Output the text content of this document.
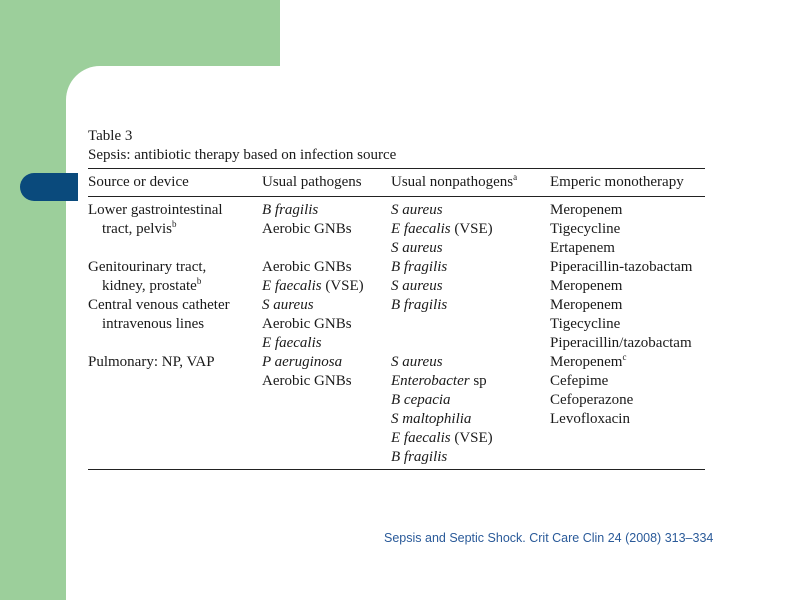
Table 3
Sepsis: antibiotic therapy based on infection source
Source or device	Usual pathogens Usual nonpathogens$^a$ Emperic monotherapy
Lower gastrointestinal
tract, pelvis$^b$
Genitourinary tract,
kidney, prostate$^b$
Central venous catheter
intravenous lines
Pulmonary: NP, VAP
B fragilis
Aerobic GNBs
Aerobic GNBs
E faecalis (VSE)
S aureus
Aerobic GNBs
E faecalis
P aeruginosa
Aerobic GNBs
S aureus
E faecalis (VSE)
S aureus
B fragilis
S aureus
B fragilis
S aureus
Enterobacter sp
B cepacia
S maltophilia
E faecalis (VSE)
B fragilis
Meropenem
Tigecycline
Ertapenem
Piperacillin-tazobactam
Meropenem
Meropenem
Tigecycline
Piperacillin/tazobactam
Meropenem$^c$
Cefepime
Cefoperazone
Levofloxacin
Sepsis and Septic Shock. Crit Care Clin 24 (2008) 313–334
